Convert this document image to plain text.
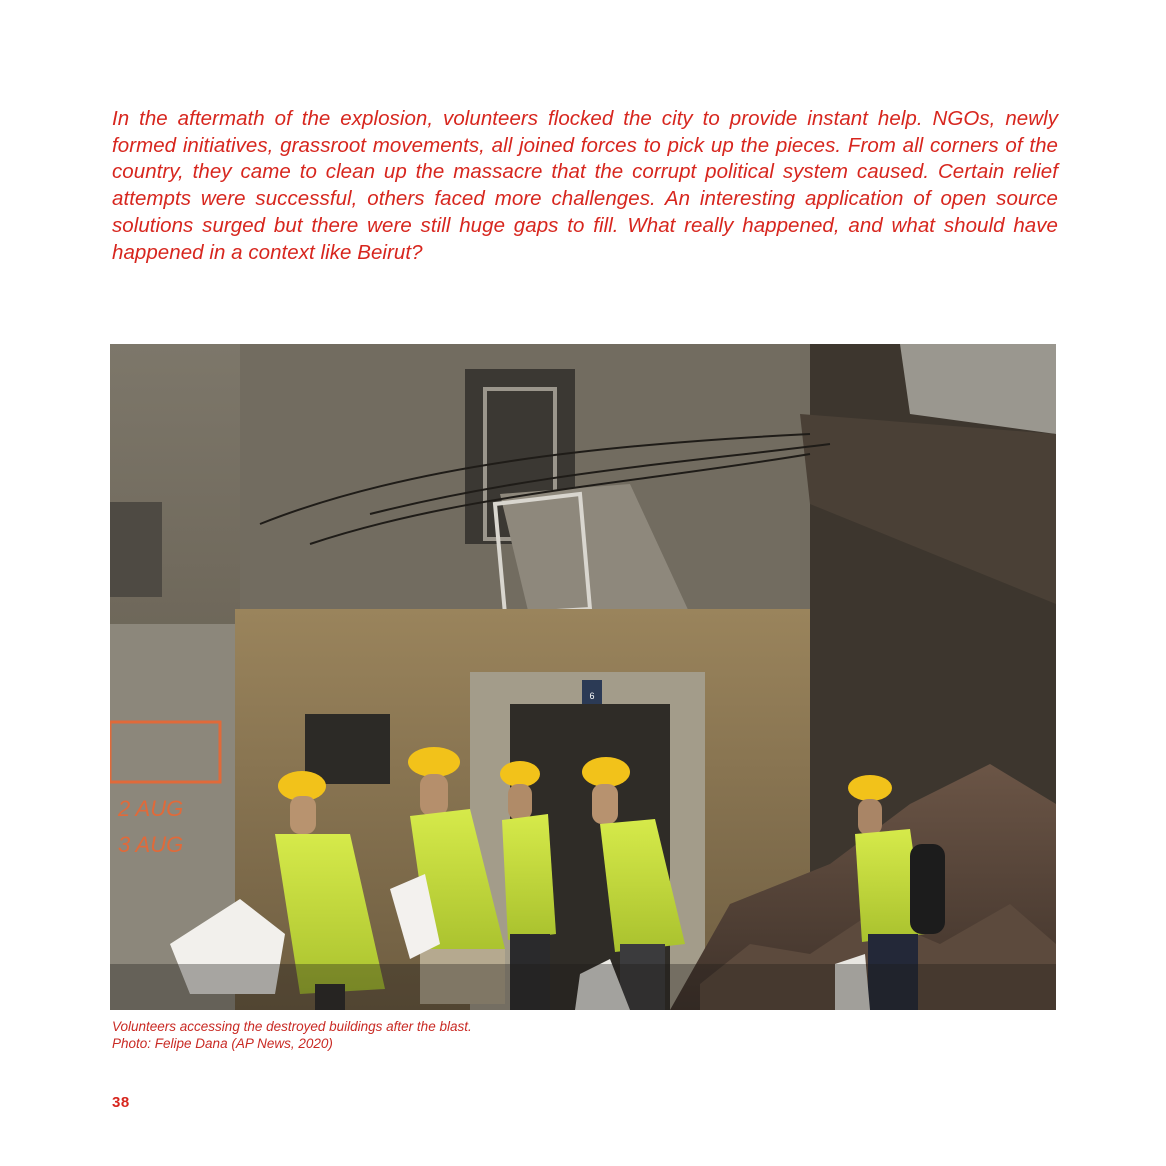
In the aftermath of the explosion, volunteers flocked the city to provide instant help. NGOs, newly formed initiatives, grassroot movements, all joined forces to pick up the pieces. From all corners of the country, they came to clean up the massacre that the corrupt political system caused. Certain relief attempts were successful, others faced more challenges. An interesting application of open source solutions surged but there were still huge gaps to fill. What really happened, and what should have happened in a context like Beirut?

6
2 AUG
3 AUG

Volunteers accessing the destroyed buildings after the blast.
Photo: Felipe Dana (AP News, 2020)

38
